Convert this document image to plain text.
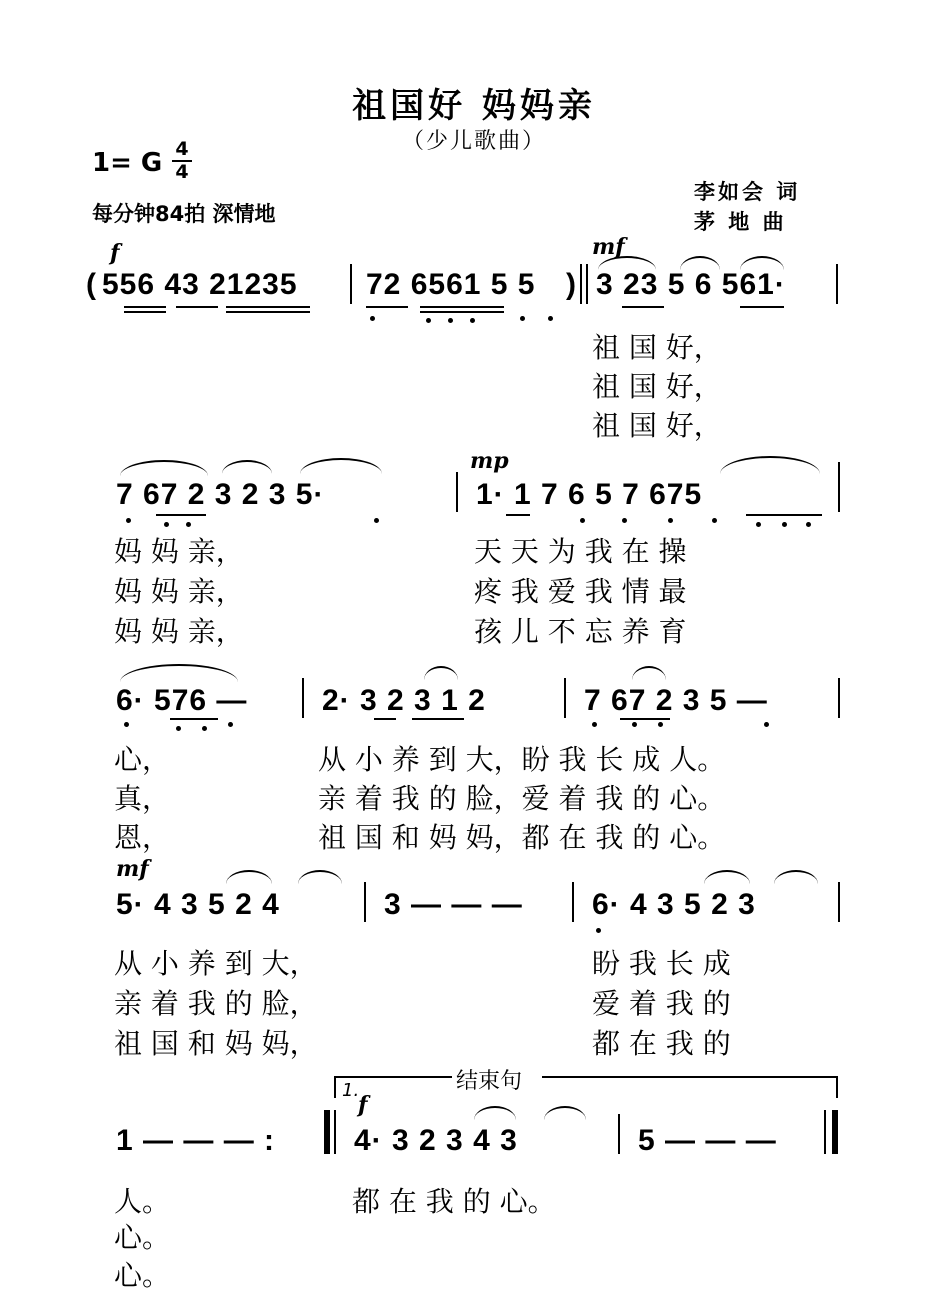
祖国好 妈妈亲
（少儿歌曲）
1= G 4
4
每分钟84拍 深情地
李如会 词
茅 地 曲
f	mf
( 556 43 21235 72 6561 5 5 ) 3 23 5 6 561·
祖 国 好，
祖 国 好，
祖 国 好，
mp
7 67 2 3 2 3 5·	1· 1 7 6 5 7 675
妈 妈 亲，	天 天 为 我 在 操
妈 妈 亲，	疼 我 爱 我 情 最
妈 妈 亲，	孩 儿 不 忘 养 育
6· 576 — 2· 3 2 3 1 2	7 67 2 3 5 —
心，	从 小 养 到 大，盼 我 长 成 人。
真，	亲 着 我 的 脸，爱 着 我 的 心。
恩，	祖 国 和 妈 妈，都 在 我 的 心。
mf
5· 4 3 5 2 4	3 — — — 6· 4 3 5 2 3
从 小 养 到 大，	盼 我 长 成
亲 着 我 的 脸，	爱 着 我 的
祖 国 和 妈 妈，	都 在 我 的
结束句
1.
f
1 — — — :	4· 3 2 3 4 3	5 — — —
人。	都 在 我 的 心。
心。
心。
